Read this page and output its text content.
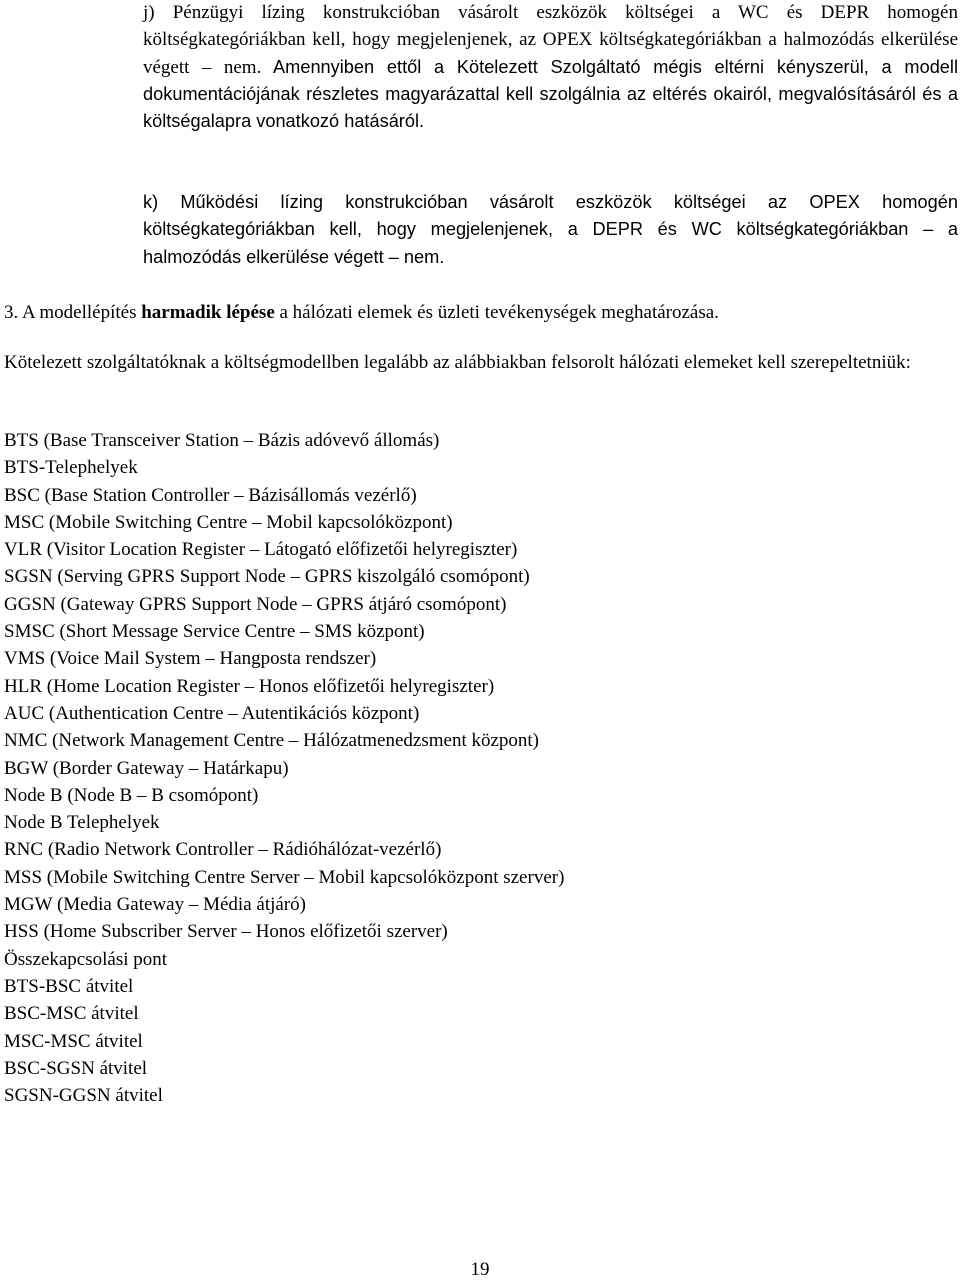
j) Pénzügyi lízing konstrukcióban vásárolt eszközök költségei a WC és DEPR homogén költségkategóriákban kell, hogy megjelenjenek, az OPEX költségkategóriákban a halmozódás elkerülése végett – nem. Amennyiben ettől a Kötelezett Szolgáltató mégis eltérni kényszerül, a modell dokumentációjának részletes magyarázattal kell szolgálnia az eltérés okairól, megvalósításáról és a költségalapra vonatkozó hatásáról.

k) Működési lízing konstrukcióban vásárolt eszközök költségei az OPEX homogén költségkategóriákban kell, hogy megjelenjenek, a DEPR és WC költségkategóriákban – a halmozódás elkerülése végett – nem.

3. A modellépítés harmadik lépése a hálózati elemek és üzleti tevékenységek meghatározása.

Kötelezett szolgáltatóknak a költségmodellben legalább az alábbiakban felsorolt hálózati elemeket kell szerepeltetniük:

BTS (Base Transceiver Station – Bázis adóvevő állomás)
BTS-Telephelyek
BSC (Base Station Controller – Bázisállomás vezérlő)
MSC (Mobile Switching Centre – Mobil kapcsolóközpont)
VLR (Visitor Location Register – Látogató előfizetői helyregiszter)
SGSN (Serving GPRS Support Node – GPRS kiszolgáló csomópont)
GGSN (Gateway GPRS Support Node – GPRS átjáró csomópont)
SMSC (Short Message Service Centre – SMS központ)
VMS (Voice Mail System – Hangposta rendszer)
HLR (Home Location Register – Honos előfizetői helyregiszter)
AUC (Authentication Centre – Autentikációs központ)
NMC (Network Management Centre – Hálózatmenedzsment központ)
BGW (Border Gateway – Határkapu)
Node B (Node B – B csomópont)
Node B Telephelyek
RNC (Radio Network Controller – Rádióhálózat-vezérlő)
MSS (Mobile Switching Centre Server – Mobil kapcsolóközpont szerver)
MGW (Media Gateway – Média átjáró)
HSS (Home Subscriber Server – Honos előfizetői szerver)
Összekapcsolási pont
BTS-BSC átvitel
BSC-MSC átvitel
MSC-MSC átvitel
BSC-SGSN átvitel
SGSN-GGSN átvitel
19
